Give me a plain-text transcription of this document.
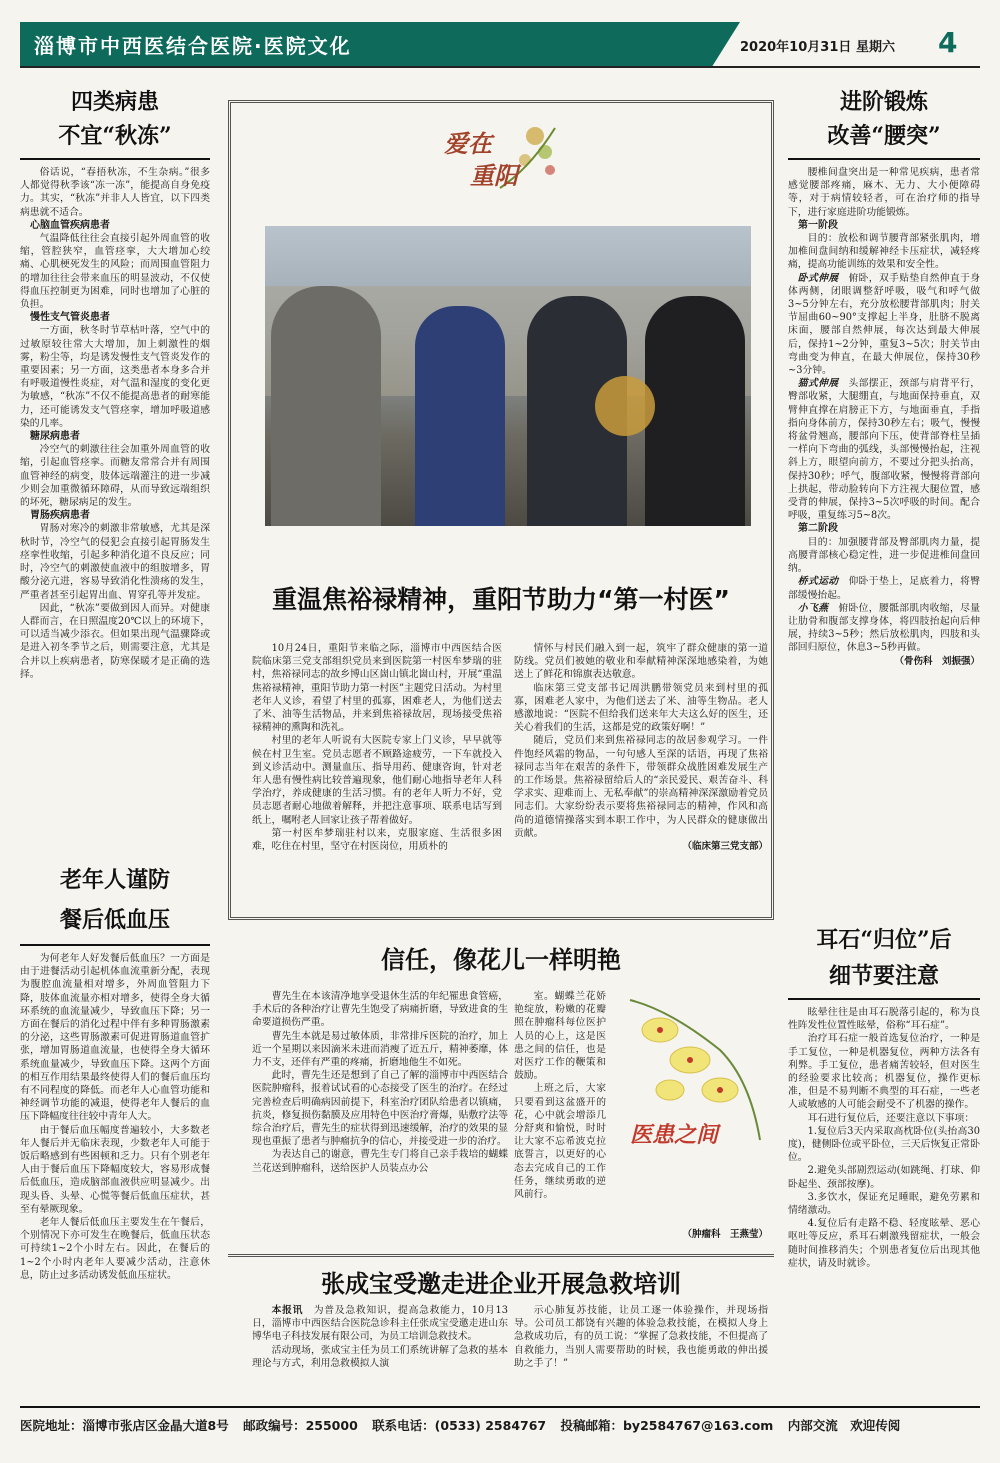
淄博市中西医结合医院·医院文化	2020年10月31日 星期六 4
四类病患
不宜“秋冻”

俗话说，“春捂秋冻，不生杂病。”很多人都觉得秋季该“冻一冻”，能提高自身免疫力。其实，“秋冻”并非人人皆宜，以下四类病患就不适合。

心脑血管疾病患者

气温降低往往会直接引起外周血管的收缩，管腔狭窄，血管痉挛，大大增加心绞痛、心肌梗死发生的风险；而周围血管阻力的增加往往会带来血压的明显波动，不仅使得血压控制更为困难，同时也增加了心脏的负担。

慢性支气管炎患者

一方面，秋冬时节草枯叶落，空气中的过敏原较往常大大增加，加上刺激性的烟雾，粉尘等，均是诱发慢性支气管炎发作的重要因素；另一方面，这类患者本身多合并有呼吸道慢性炎症，对气温和湿度的变化更为敏感，“秋冻”不仅不能提高患者的耐寒能力，还可能诱发支气管痉挛，增加呼吸道感染的几率。

糖尿病患者

冷空气的刺激往往会加重外周血管的收缩，引起血管痉挛。而糖友常常合并有周围血管神经的病变，肢体远端灌注的进一步减少则会加重微循环障碍，从而导致远端组织的坏死，糖尿病足的发生。

胃肠疾病患者

胃肠对寒冷的刺激非常敏感，尤其是深秋时节，冷空气的侵犯会直接引起胃肠发生痉挛性收缩，引起多种消化道不良反应；同时，冷空气的刺激使血液中的组胺增多，胃酸分泌亢进，容易导致消化性溃疡的发生，严重者甚至引起胃出血、胃穿孔等并发症。

因此，“秋冻”要做到因人而异。对健康人群而言，在日照温度20℃以上的环境下，可以适当减少添衣。但如果出现气温骤降或是进入初冬季节之后，则需要注意，尤其是合并以上疾病患者，防寒保暖才是正确的选择。

老年人谨防
餐后低血压

为何老年人好发餐后低血压？一方面是由于进餐活动引起机体血流重新分配，表现为腹腔血流量相对增多，外周血管阻力下降，肢体血流量亦相对增多，使得全身大循环系统的血流量减少，导致血压下降；另一方面在餐后的消化过程中伴有多种胃肠激素的分泌，这些胃肠激素可促进胃肠道血管扩张，增加胃肠道血流量，也使得全身大循环系统血量减少，导致血压下降。这两个方面的相互作用结果最终使得人们的餐后血压均有不同程度的降低。而老年人心血管功能和神经调节功能的减退，使得老年人餐后的血压下降幅度往往较中青年人大。

由于餐后血压幅度普遍较小，大多数老年人餐后并无临床表现，少数老年人可能于饭后略感到有些困顿和乏力。只有个别老年人由于餐后血压下降幅度较大，容易形成餐后低血压，造成脑部血液供应明显减少。出现头昏、头晕、心慌等餐后低血压症状，甚至有晕厥现象。

老年人餐后低血压主要发生在午餐后，个别情况下亦可发生在晚餐后，低血压状态可持续1~2个小时左右。因此，在餐后的1~2个小时内老年人要减少活动，注意休息，防止过多活动诱发低血压症状。

进阶锻炼
改善“腰突”

腰椎间盘突出是一种常见疾病，患者常感觉腰部疼痛，麻木、无力、大小便障碍等，对于病情较轻者，可在治疗师的指导下，进行家庭进阶功能锻炼。

第一阶段

目的：放松和调节腰背部紧张肌肉，增加椎间盘间纳和缓解神经卡压症状，减轻疼痛，提高功能训练的效果和安全性。

卧式伸展　俯卧，双手贴垫自然伸直于身体两侧，闭眼调整舒呼吸，吸气和呼气做3~5分钟左右，充分放松腰背部肌肉；肘关节屈曲60~90°支撑起上半身，肚脐不脱离床面，腰部自然伸展，每次达到最大伸展后，保持1~2分钟，重复3~5次；肘关节由弯曲变为伸直，在最大伸展位，保持30秒~3分钟。

猫式伸展　头部摆正，颈部与肩背平行，臀部收紧，大腿绷直，与地面保持垂直，双臂伸直撑在肩膀正下方，与地面垂直，手指指向身体前方，保持30秒左右；吸气，慢慢将盆骨翘高，腰部向下压，使背部脊柱呈插一样向下弯曲的弧线，头部慢慢抬起，注视斜上方，眼望向前方，不要过分把头抬高，保持30秒；呼气，腹部收紧，慢慢将背部向上拱起，带动脸转向下方注视大腿位置，感受背的伸展，保持3~5次呼吸的时间。配合呼吸，重复练习5~8次。

第二阶段

目的：加强腰背部及臀部肌肉力量，提高腰背部核心稳定性，进一步促进椎间盘回纳。

桥式运动　仰卧于垫上，足底着力，将臀部缓慢抬起。

小飞燕　俯卧位，腰骶部肌肉收缩，尽量让肋骨和腹部支撑身体，将四肢抬起向后伸展，持续3~5秒；然后放松肌肉，四肢和头部回归原位，休息3~5秒再做。

（骨伤科　刘振强）

耳石“归位”后
细节要注意

眩晕往往是由耳石脱落引起的，称为良性阵发性位置性眩晕，俗称“耳石症”。

治疗耳石症一般首选复位治疗，一种是手工复位，一种是机器复位，两种方法各有利弊。手工复位，患者痛苦较轻，但对医生的经验要求比较高；机器复位，操作更标准，但是不易判断不典型的耳石症，一些老人或敏感的人可能会耐受不了机器的操作。

耳石进行复位后，还要注意以下事项：

1.复位后3天内采取高枕卧位(头抬高30度)，健侧卧位或平卧位，三天后恢复正常卧位。

2.避免头部剧烈运动(如跳绳、打球、仰卧起坐、颈部按摩)。

3.多饮水，保证充足睡眠，避免劳累和情绪激动。

4.复位后有走路不稳、轻度眩晕、恶心呕吐等反应，系耳石刺激残留症状，一般会随时间推移消失；个别患者复位后出现其他症状，请及时就诊。

爱在
重阳
重温焦裕禄精神，重阳节助力“第一村医”

10月24日，重阳节来临之际，淄博市中西医结合医院临床第三党支部组织党员来到医院第一村医牟梦瑞的驻村，焦裕禄同志的故乡博山区崮山镇北崮山村，开展“重温焦裕禄精神，重阳节助力第一村医”主题党日活动。为村里老年人义诊，看望了村里的孤寡，困难老人，为他们送去了米、油等生活物品，并来到焦裕禄故居，现场接受焦裕禄精神的熏陶和洗礼。

村里的老年人听说有大医院专家上门义诊，早早就等候在村卫生室。党员志愿者不顾路途疲劳，一下车就投入到义诊活动中。测量血压、指导用药、健康咨询，针对老年人患有慢性病比较普遍现象，他们耐心地指导老年人科学治疗，养成健康的生活习惯。有的老年人听力不好，党员志愿者耐心地做着解释，并把注意事项、联系电话写到纸上，嘱咐老人回家让孩子帮着做好。

第一村医牟梦瑞驻村以来，克服家庭、生活很多困难，吃住在村里，坚守在村医岗位，用质朴的

情怀与村民们融入到一起，筑牢了群众健康的第一道防线。党员们被她的敬业和奉献精神深深地感染着，为她送上了鲜花和锦旗表达敬意。

临床第三党支部书记周洪鹏带领党员来到村里的孤寡，困难老人家中，为他们送去了米、油等生物品。老人感激地说：“医院不但给我们送来年大夫这么好的医生，还关心着我们的生活，这都是党的政策好啊！”

随后，党员们来到焦裕禄同志的故居参观学习。一件件饱经风霜的物品，一句句感人至深的话语，再现了焦裕禄同志当年在艰苦的条件下，带领群众战胜困难发展生产的工作场景。焦裕禄留给后人的“亲民爱民、艰苦奋斗、科学求实、迎难而上、无私奉献”的崇高精神深深激励着党员同志们。大家纷纷表示要将焦裕禄同志的精神，作风和高尚的道德情操落实到本职工作中，为人民群众的健康做出贡献。

（临床第三党支部）

信任，像花儿一样明艳

曹先生在本该清净地享受退休生活的年纪罹患食管癌，手术后的各种治疗让曹先生饱受了病痛折磨，导致进食的生命要道损伤严重。

曹先生本就是易过敏体质，非常排斥医院的治疗，加上近一个星期以来因滴米未进而消瘦了近五斤，精神萎靡，体力不支，还伴有严重的疼痛，折磨地他生不如死。

此时，曹先生还是想到了自己了解的淄博市中西医结合医院肿瘤科，报着试试看的心态接受了医生的治疗。在经过完善检查后明确病因前提下，科室治疗团队给患者以镇痛，抗炎，修复损伤黏膜及应用特色中医治疗膏爆，贴敷疗法等综合治疗后，曹先生的症状得到迅速缓解，治疗的效果的显现也重振了患者与肿瘤抗争的信心，并接受进一步的治疗。

为表达自己的谢意，曹先生专门将自己亲手栽培的蝴蝶兰花送到肿瘤科，送给医护人员装点办公

室。蝴蝶兰花娇艳绽放，粉嫩的花瓣照在肿瘤科每位医护人员的心上，这是医患之间的信任，也是对医疗工作的鞭策和鼓励。

上班之后，大家只要看到这盆盛开的花，心中就会增添几分舒爽和愉悦，时时让大家不忘希波克拉底誓言，以更好的心态去完成自己的工作任务，继续勇敢的逆风前行。

（肿瘤科　王燕莹）

医患之间
张成宝受邀走进企业开展急救培训

本报讯　为普及急救知识，提高急救能力，10月13日，淄博市中西医结合医院急诊科主任张成宝受邀走进山东博华电子科技发展有限公司，为员工培训急救技术。

活动现场，张成宝主任为员工们系统讲解了急救的基本理论与方式，利用急救模拟人演

示心肺复苏技能，让员工逐一体验操作，并现场指导。公司员工都饶有兴趣的体验急救技能，在模拟人身上急救成功后，有的员工说：“掌握了急救技能，不但提高了自救能力，当别人需要帮助的时候，我也能勇敢的伸出援助之手了！”

医院地址：淄博市张店区金晶大道8号 邮政编号：255000 联系电话：(0533) 2584767 投稿邮箱：by2584767@163.com 内部交流　欢迎传阅
